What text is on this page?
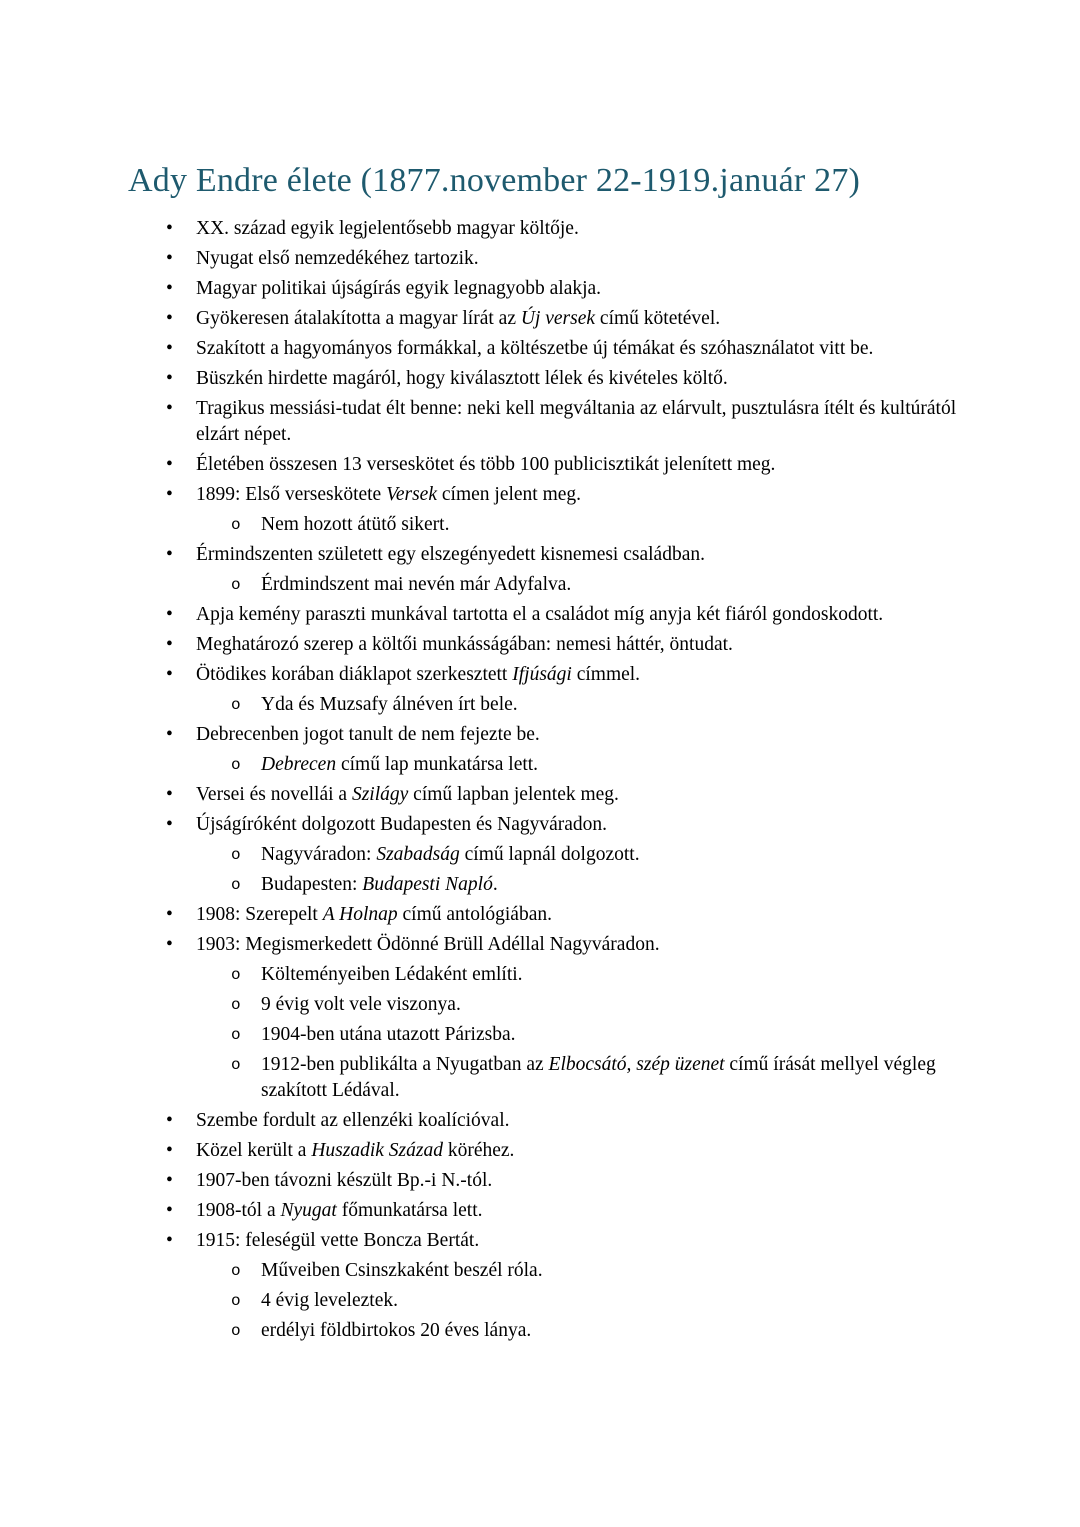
Ady Endre élete (1877.november 22-1919.január 27)
•	XX. század egyik legjelentősebb magyar költője.
•	Nyugat első nemzedékéhez tartozik.
•	Magyar politikai újságírás egyik legnagyobb alakja.
•	Gyökeresen átalakította a magyar lírát az Új versek című kötetével.
•	Szakított a hagyományos formákkal, a költészetbe új témákat és szóhasználatot vitt be.
•	Büszkén hirdette magáról, hogy kiválasztott lélek és kivételes költő.
•	Tragikus messiási-tudat élt benne: neki kell megváltania az elárvult, pusztulásra ítélt és kultúrától elzárt népet.
•	Életében összesen 13 verseskötet és több 100 publicisztikát jelenített meg.
•	1899: Első verseskötete Versek címen jelent meg.
o	Nem hozott átütő sikert.
•	Érmindszenten született egy elszegényedett kisnemesi családban.
o	Érdmindszent mai nevén már Adyfalva.
•	Apja kemény paraszti munkával tartotta el a családot míg anyja két fiáról gondoskodott.
•	Meghatározó szerep a költői munkásságában: nemesi háttér, öntudat.
•	Ötödikes korában diáklapot szerkesztett Ifjúsági címmel.
o	Yda és Muzsafy álnéven írt bele.
•	Debrecenben jogot tanult de nem fejezte be.
o	Debrecen című lap munkatársa lett.
•	Versei és novellái a Szilágy című lapban jelentek meg.
•	Újságíróként dolgozott Budapesten és Nagyváradon.
o	Nagyváradon: Szabadság című lapnál dolgozott.
o	Budapesten: Budapesti Napló.
•	1908: Szerepelt A Holnap című antológiában.
•	1903: Megismerkedett Ödönné Brüll Adéllal Nagyváradon.
o	Költeményeiben Lédaként említi.
o	9 évig volt vele viszonya.
o	1904-ben utána utazott Párizsba.
o	1912-ben publikálta a Nyugatban az Elbocsátó, szép üzenet című írását mellyel végleg szakított Lédával.
•	Szembe fordult az ellenzéki koalícióval.
•	Közel került a Huszadik Század köréhez.
•	1907-ben távozni készült Bp.-i N.-tól.
•	1908-tól a Nyugat főmunkatársa lett.
•	1915: feleségül vette Boncza Bertát.
o	Műveiben Csinszkaként beszél róla.
o	4 évig leveleztek.
o	erdélyi földbirtokos 20 éves lánya.
